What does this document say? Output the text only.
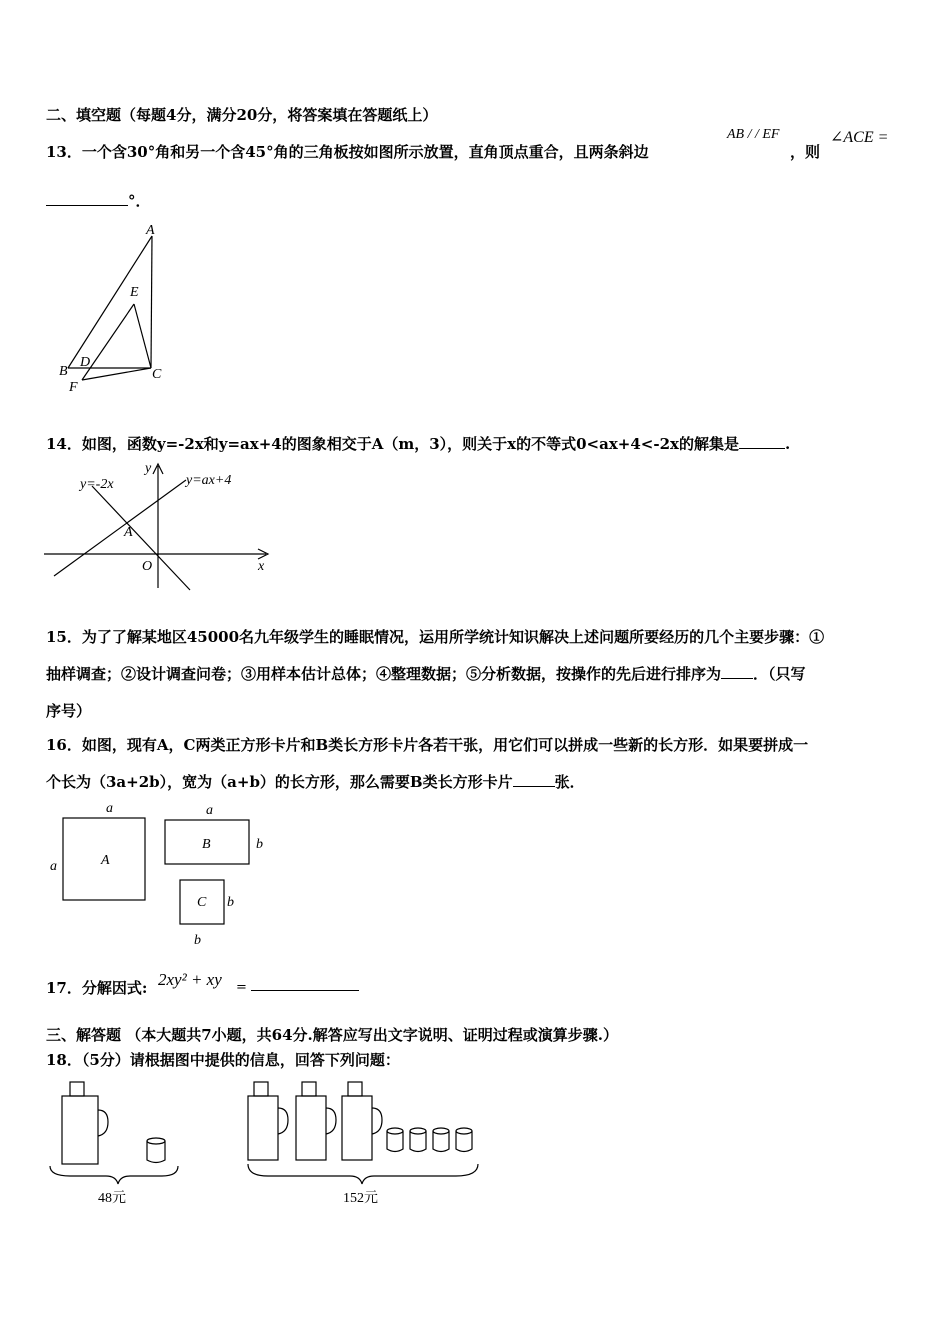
二、填空题（每题4分，满分20分，将答案填在答题纸上）
13．一个含30°角和另一个含45°角的三角板按如图所示放置，直角顶点重合，且两条斜边
AB / / EF
，则
∠ACE =
°．
A
E
B
D
F
C
14．如图，函数y=-2x和y=ax+4的图象相交于A（m，3），则关于x的不等式0<ax+4<-2x的解集是	.
y=-2x	y=ax+4
y
x
A
O
15．为了了解某地区45000名九年级学生的睡眠情况，运用所学统计知识解决上述问题所要经历的几个主要步骤：①
抽样调查；②设计调查问卷；③用样本估计总体；④整理数据；⑤分析数据，按操作的先后进行排序为 ．（只写
序号）
16．如图，现有A，C两类正方形卡片和B类长方形卡片各若干张，用它们可以拼成一些新的长方形．如果要拼成一
个长为（3a+2b），宽为（a+b）的长方形，那么需要B类长方形卡片	张．
a
a	A
a
B	b
C b
b
17．分解因式: 2xy² + xy =
三、解答题 （本大题共7小题，共64分.解答应写出文字说明、证明过程或演算步骤.）
18．（5分）请根据图中提供的信息，回答下列问题：
48元	152元
